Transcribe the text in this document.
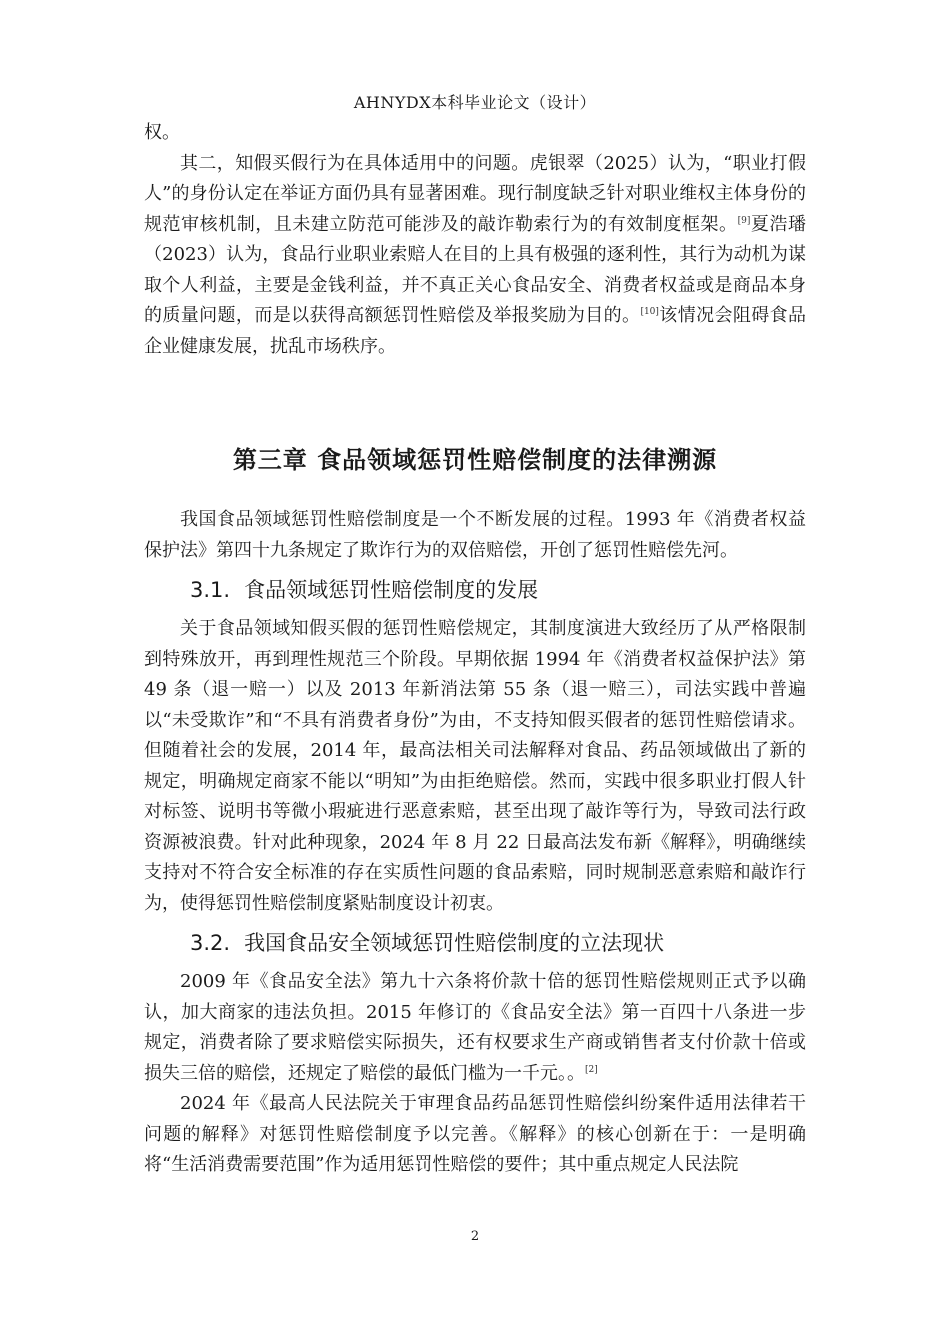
AHNYDX本科毕业论文（设计）

权。

其二，知假买假行为在具体适用中的问题。虎银翠（2025）认为，“职业打假人”的身份认定在举证方面仍具有显著困难。现行制度缺乏针对职业维权主体身份的规范审核机制，且未建立防范可能涉及的敲诈勒索行为的有效制度框架。[9]夏浩璠（2023）认为，食品行业职业索赔人在目的上具有极强的逐利性，其行为动机为谋取个人利益，主要是金钱利益，并不真正关心食品安全、消费者权益或是商品本身的质量问题，而是以获得高额惩罚性赔偿及举报奖励为目的。[10]该情况会阻碍食品企业健康发展，扰乱市场秩序。

第三章 食品领域惩罚性赔偿制度的法律溯源

我国食品领域惩罚性赔偿制度是一个不断发展的过程。1993 年《消费者权益保护法》第四十九条规定了欺诈行为的双倍赔偿，开创了惩罚性赔偿先河。

3.1. 食品领域惩罚性赔偿制度的发展

关于食品领域知假买假的惩罚性赔偿规定，其制度演进大致经历了从严格限制到特殊放开，再到理性规范三个阶段。早期依据 1994 年《消费者权益保护法》第 49 条（退一赔一）以及 2013 年新消法第 55 条（退一赔三），司法实践中普遍以“未受欺诈”和“不具有消费者身份”为由，不支持知假买假者的惩罚性赔偿请求。但随着社会的发展，2014 年，最高法相关司法解释对食品、药品领域做出了新的规定，明确规定商家不能以“明知”为由拒绝赔偿。然而，实践中很多职业打假人针对标签、说明书等微小瑕疵进行恶意索赔，甚至出现了敲诈等行为，导致司法行政资源被浪费。针对此种现象，2024 年 8 月 22 日最高法发布新《解释》，明确继续支持对不符合安全标准的存在实质性问题的食品索赔，同时规制恶意索赔和敲诈行为，使得惩罚性赔偿制度紧贴制度设计初衷。

3.2. 我国食品安全领域惩罚性赔偿制度的立法现状

2009 年《食品安全法》第九十六条将价款十倍的惩罚性赔偿规则正式予以确认，加大商家的违法负担。2015 年修订的《食品安全法》第一百四十八条进一步规定，消费者除了要求赔偿实际损失，还有权要求生产商或销售者支付价款十倍或损失三倍的赔偿，还规定了赔偿的最低门槛为一千元。。[2]

2024 年《最高人民法院关于审理食品药品惩罚性赔偿纠纷案件适用法律若干问题的解释》对惩罚性赔偿制度予以完善。《解释》的核心创新在于：一是明确将“生活消费需要范围”作为适用惩罚性赔偿的要件；其中重点规定人民法院

2
